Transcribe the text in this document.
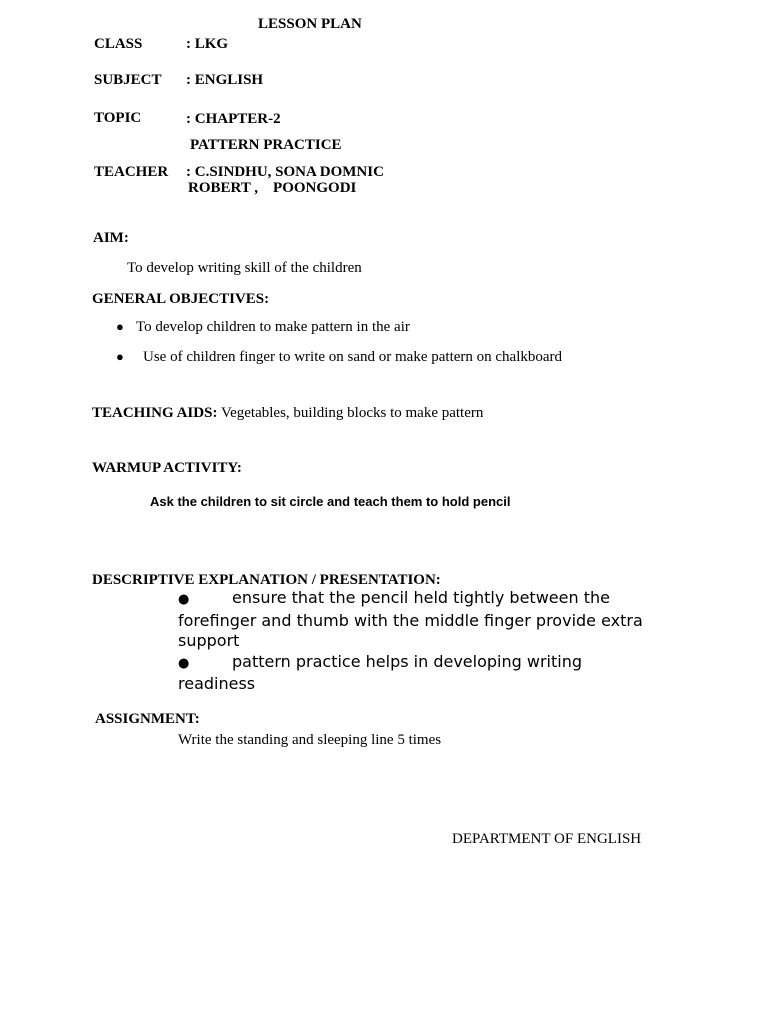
LESSON PLAN
CLASS	: LKG
SUBJECT : ENGLISH
TOPIC	: CHAPTER-2
PATTERN PRACTICE
TEACHER : C.SINDHU, SONA DOMNIC
ROBERT ,    POONGODI
AIM:
To develop writing skill of the children
GENERAL OBJECTIVES:
● To develop children to make pattern in the air
● Use of children finger to write on sand or make pattern on chalkboard
TEACHING AIDS: Vegetables, building blocks to make pattern
WARMUP ACTIVITY:
Ask the children to sit circle and teach them to hold pencil
DESCRIPTIVE EXPLANATION / PRESENTATION:
●	ensure that the pencil held tightly between the forefinger and thumb with the middle finger provide extra support
●	pattern practice helps in developing writing readiness
ASSIGNMENT:
Write the standing and sleeping line 5 times
DEPARTMENT OF ENGLISH
